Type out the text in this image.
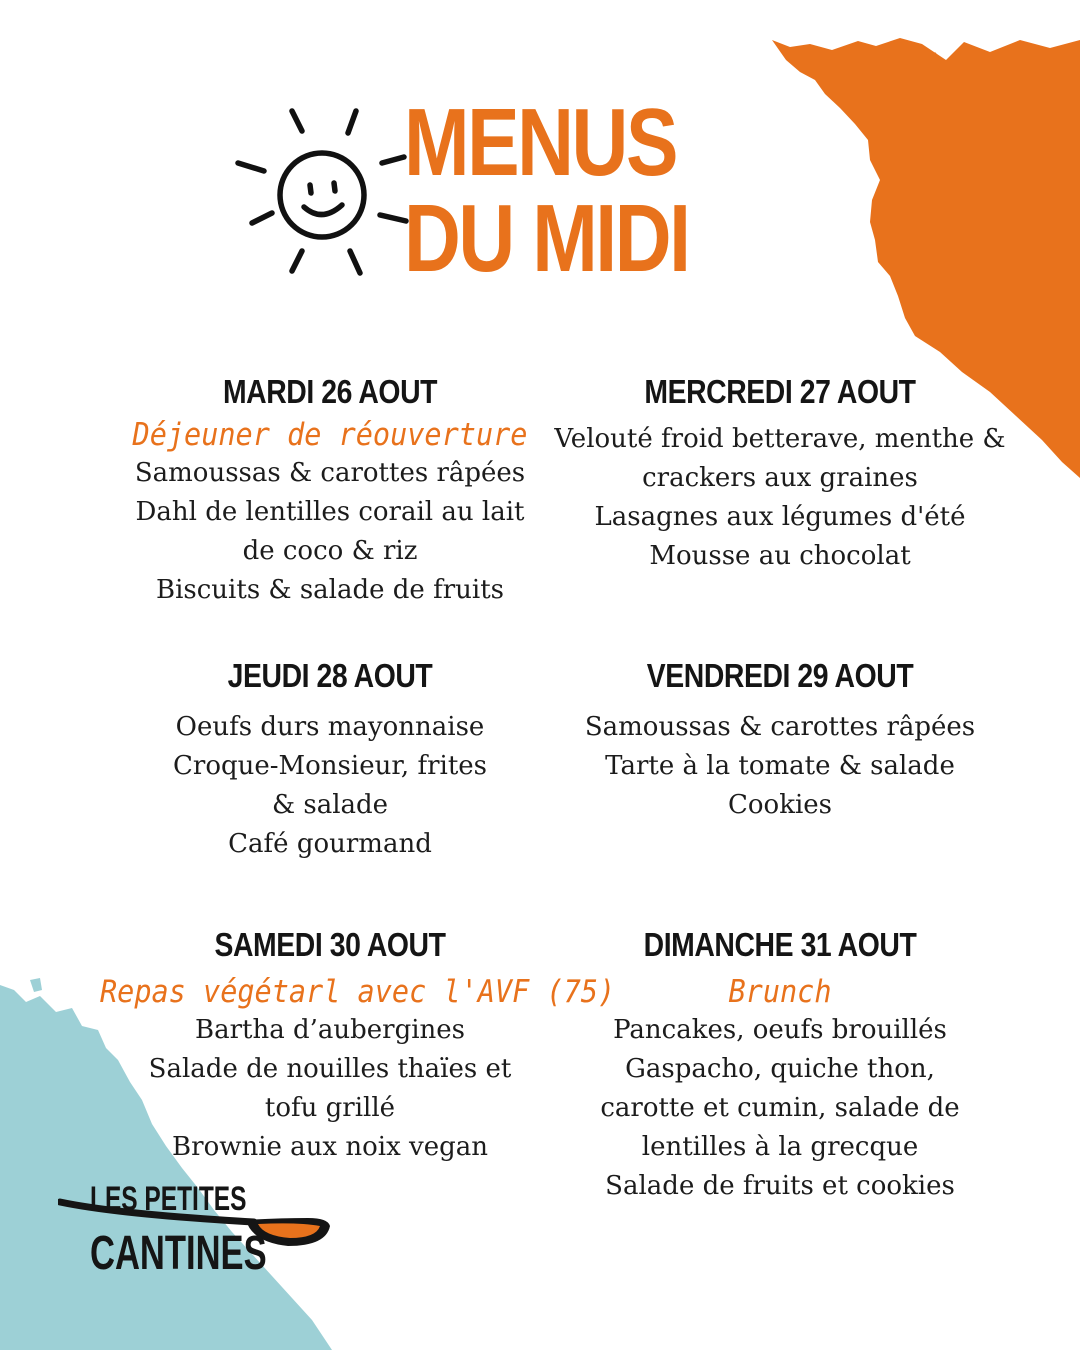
MENUS
DU MIDI
MARDI 26 AOUT
Déjeuner de réouverture
Samoussas & carottes râpées
Dahl de lentilles corail au lait
de coco & riz
Biscuits & salade de fruits
MERCREDI 27 AOUT
Velouté froid betterave, menthe &
crackers aux graines
Lasagnes aux légumes d'été
Mousse au chocolat
JEUDI 28 AOUT
Oeufs durs mayonnaise
Croque-Monsieur, frites
& salade
Café gourmand
VENDREDI 29 AOUT
Samoussas & carottes râpées
Tarte à la tomate & salade
Cookies
SAMEDI 30 AOUT
Repas végétarl avec l'AVF (75)
Bartha d’aubergines
Salade de nouilles thaïes et
tofu grillé
Brownie aux noix vegan
DIMANCHE 31 AOUT
Brunch
Pancakes, oeufs brouillés
Gaspacho, quiche thon,
carotte et cumin, salade de
lentilles à la grecque
Salade de fruits et cookies
LES PETITES
CANTINES
